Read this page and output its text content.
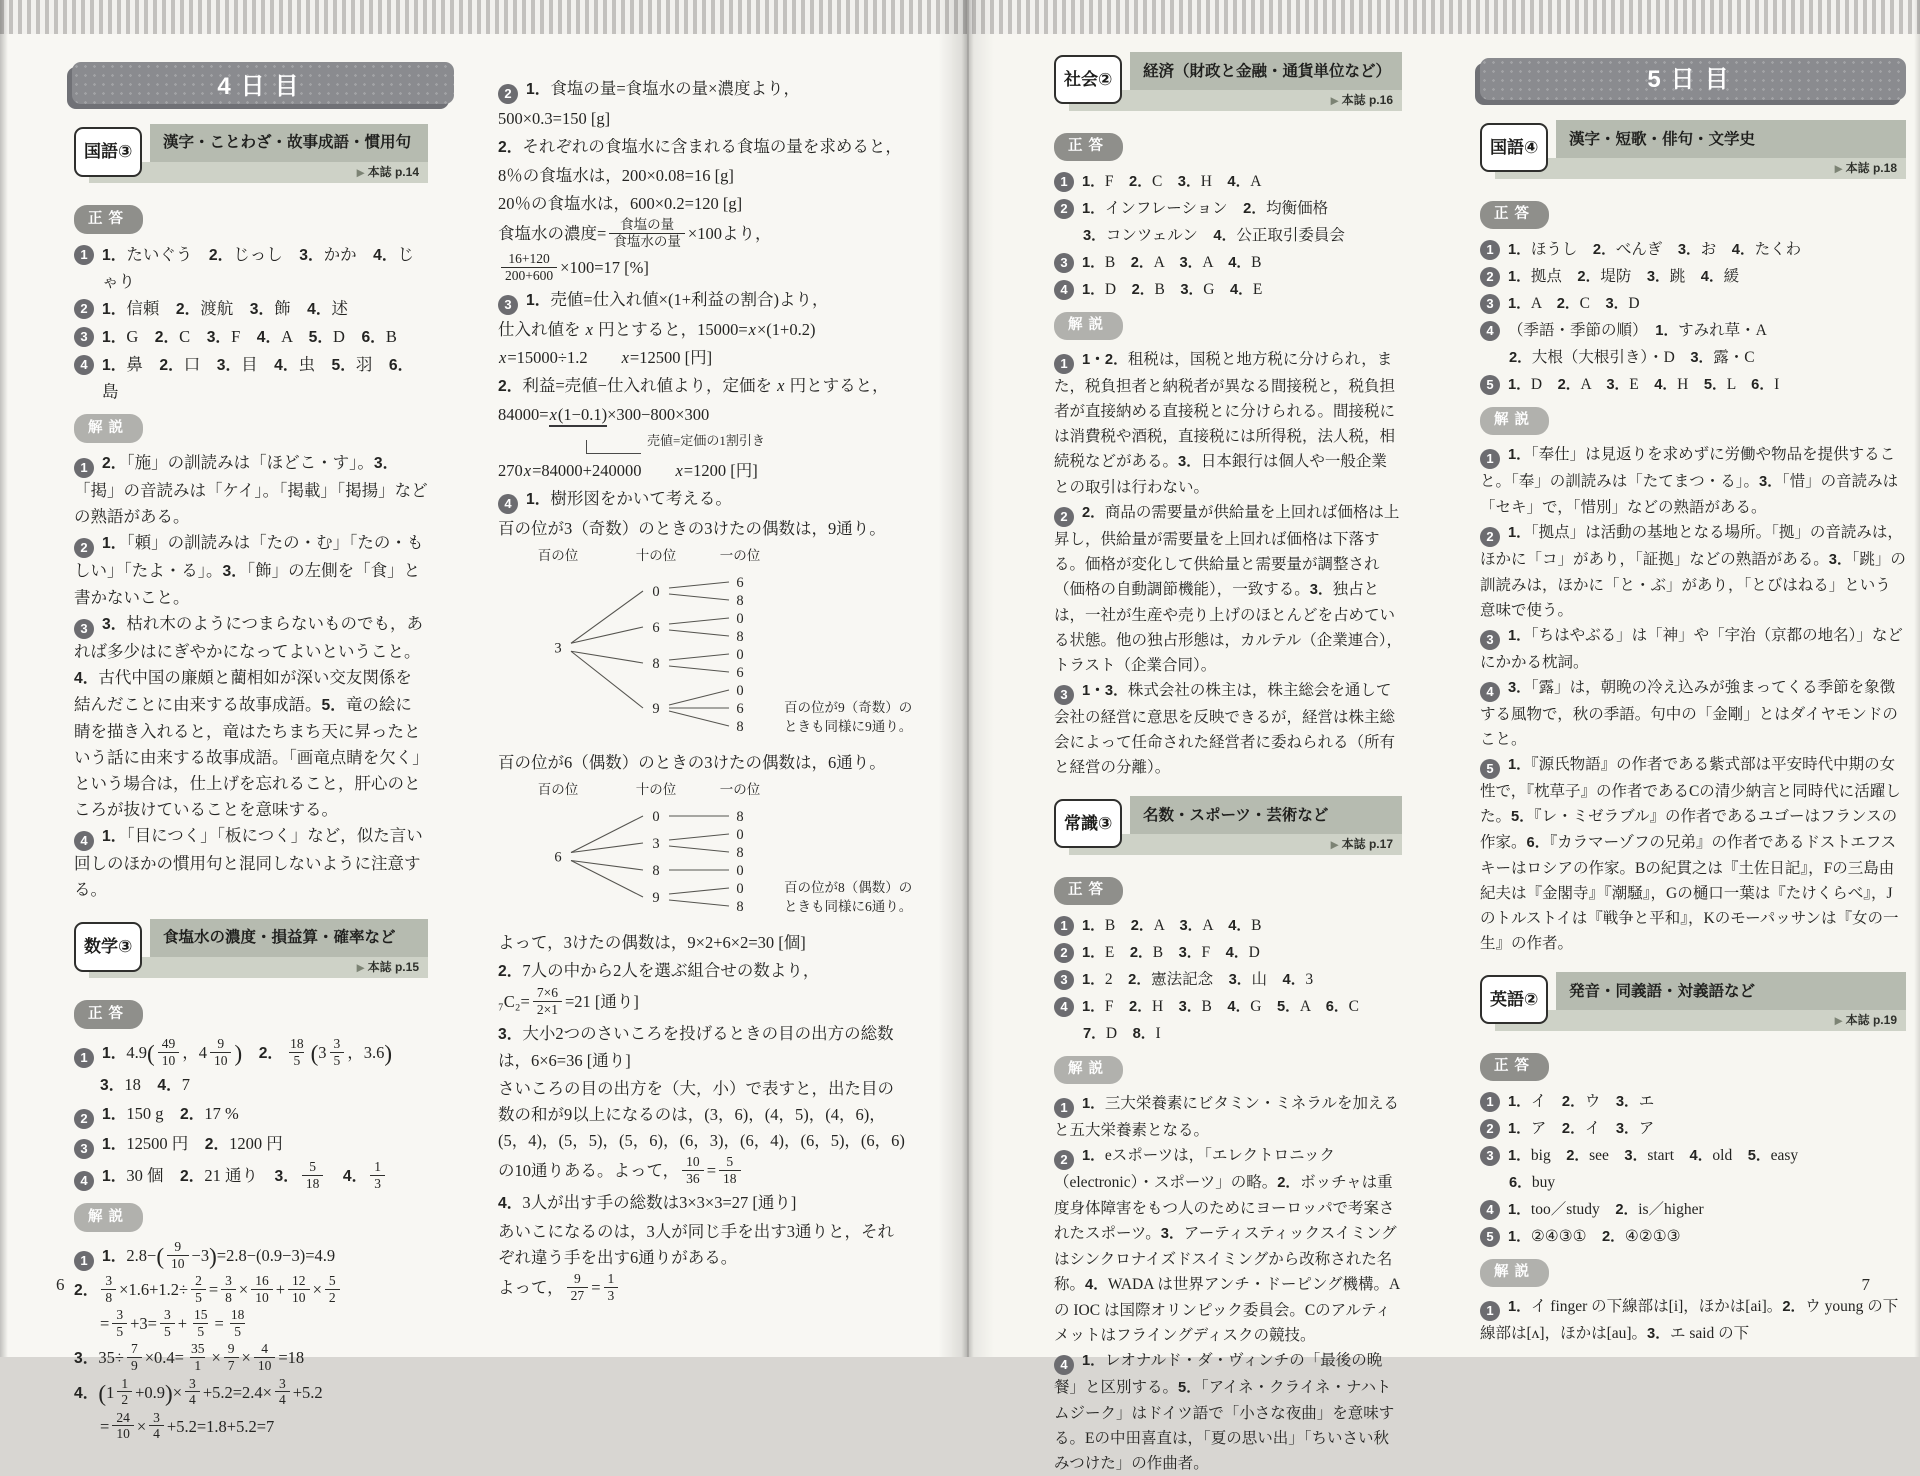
4日目
漢字・ことわざ・故事成語・慣用句
▶ 本誌 p.14
国語③
正答
1 1．たいぐう　2．じっし　3．かか　4．じゃり
2 1．信頼　2．渡航　3．飾　4．述
3 1．G　2．C　3．F　4．A　5．D　6．B
4 1．鼻　2．口　3．目　4．虫　5．羽　6．島
解説
1 2．「施」の訓読みは「ほどこ・す」。3．「掲」の音読みは「ケイ」。「掲載」「掲揚」などの熟語がある。
2 1．「頼」の訓読みは「たの・む」「たの・もしい」「たよ・る」。3．「飾」の左側を「食」と書かないこと。
3 3．枯れ木のようにつまらないものでも，あれば多少はにぎやかになってよいということ。4．古代中国の廉頗と藺相如が深い交友関係を結んだことに由来する故事成語。5．竜の絵に睛を描き入れると，竜はたちまち天に昇ったという話に由来する故事成語。「画竜点睛を欠く」という場合は，仕上げを忘れること，肝心のところが抜けていることを意味する。
4 1．「目につく」「板につく」など，似た言い回しのほかの慣用句と混同しないように注意する。
食塩水の濃度・損益算・確率など
▶ 本誌 p.15
数学③
正答
1 1．$4.9( \frac{49}{10}$ ，$4 \frac{9}{10}$ )　 2． $\frac{18}{5} (3 \frac{3}{5}$ ，3.6)
3．18　4．7
2 1．150 g　2．17 %
3 1．12500 円　2．1200 円
4 1．30 個　2．21 通り　3． $\frac{5}{18}$
　 4． $\frac{1}{3}$
解説
1 1．$2.8-( \frac{9}{10} -3)=2.8-(0.9-3)=4.9$
2． $\frac{3}{8} \times 1.6+1.2\div \frac{2}{5} = \frac{3}{8} \times \frac{16}{10} + \frac{12}{10} \times \frac{5}{2}$
= $\frac{3}{5} +3= \frac{3}{5} + \frac{15}{5} = \frac{18}{5}$
3．$35\div \frac{7}{9} \times 0.4= \frac{35}{1} \times \frac{9}{7} \times \frac{4}{10} =18$
4．$(1 \frac{1}{2} +0.9)\times \frac{3}{4} +5.2=2.4\times \frac{3}{4} +5.2$
= $\frac{24}{10} \times \frac{3}{4} +5.2=1.8+5.2=7$
2 1．食塩の量=食塩水の量×濃度より，
500×0.3=150 [g]
2．それぞれの食塩水に含まれる食塩の量を求めると，
8％の食塩水は，200×0.08=16 [g]
20％の食塩水は，600×0.2=120 [g]
食塩水の濃度= $\frac{\text{食塩の量}}{\text{食塩水の量}} \times 100$より，
$\frac{16+120}{200+600} \times 100=17$ [%]
3 1．売値=仕入れ値×(1+利益の割合)より，
仕入れ値を x 円とすると，15000=x×(1+0.2)
x=15000÷1.2　　x=12500 [円]
2．利益=売値−仕入れ値より，定価を x 円とすると，
84000=x(1−0.1)×300−800×300
売値=定価の1割引き
270x=84000+240000　　x=1200 [円]
4 1．樹形図をかいて考える。
百の位が3（奇数）のときの3けたの偶数は，9通り。
百の位	十の位	一の位
6
8
0
0
8
6
0
6
8
0
6
8
9
3
百の位が9（奇数）の
ときも同様に9通り。
百の位が6（偶数）のときの3けたの偶数は，6通り。
百の位	十の位	一の位
8
0
0
8
3
0
8
0
8
9
6
百の位が8（偶数）の
ときも同様に6通り。
よって，3けたの偶数は，9×2+6×2=30 [個]
2．7人の中から2人を選ぶ組合せの数より，
$_7C_2= \frac{7\times 6}{2\times 1} =21$ [通り]
3．大小2つのさいころを投げるときの目の出方の総数は，6×6=36 [通り]
さいころの目の出方を（大，小）で表すと，出た目の数の和が9以上になるのは，(3，6)，(4，5)，(4，6)，(5，4)，(5，5)，(5，6)，(6，3)，(6，4)，(6，5)，(6，6)
の10通りある。よって， $\frac{10}{36} = \frac{5}{18}$
4．3人が出す手の総数は3×3×3=27 [通り]
あいこになるのは，3人が同じ手を出す3通りと，それぞれ違う手を出す6通りがある。
よって， $\frac{9}{27} = \frac{1}{3}$
経済（財政と金融・通貨単位など）
▶ 本誌 p.16
社会②
正答
1 1．F　2．C　3．H　4．A
2 1．インフレーション　2．均衡価格
3．コンツェルン　4．公正取引委員会
3 1．B　2．A　3．A　4．B
4 1．D　2．B　3．G　4．E
解説
1 1・2．租税は，国税と地方税に分けられ，また，税負担者と納税者が異なる間接税と，税負担者が直接納める直接税とに分けられる。間接税には消費税や酒税，直接税には所得税，法人税，相続税などがある。3．日本銀行は個人や一般企業との取引は行わない。
2 2．商品の需要量が供給量を上回れば価格は上昇し，供給量が需要量を上回れば価格は下落する。価格が変化して供給量と需要量が調整され（価格の自動調節機能），一致する。3．独占とは，一社が生産や売り上げのほとんどを占めている状態。他の独占形態は，カルテル（企業連合），トラスト（企業合同）。
3 1・3．株式会社の株主は，株主総会を通して会社の経営に意思を反映できるが，経営は株主総会によって任命された経営者に委ねられる（所有と経営の分離）。
名数・スポーツ・芸術など
▶ 本誌 p.17
常識③
正答
1 1．B　2．A　3．A　4．B
2 1．E　2．B　3．F　4．D
3 1．2　2．憲法記念　3．山　4．3
4 1．F　2．H　3．B　4．G　5．A　6．C
7．D　8．I
解説
1 1．三大栄養素にビタミン・ミネラルを加えると五大栄養素となる。
2 1．eスポーツは，「エレクトロニック（electronic）・スポーツ」の略。2．ボッチャは重度身体障害をもつ人のためにヨーロッパで考案されたスポーツ。3．アーティスティックスイミングはシンクロナイズドスイミングから改称された名称。4．WADA は世界アンチ・ドーピング機構。Aの IOC は国際オリンピック委員会。Cのアルティメットはフライングディスクの競技。
4 1．レオナルド・ダ・ヴィンチの「最後の晩餐」と区別する。5．「アイネ・クライネ・ナハトムジーク」はドイツ語で「小さな夜曲」を意味する。Eの中田喜直は，「夏の思い出」「ちいさい秋みつけた」の作曲者。
5日目
漢字・短歌・俳句・文学史
▶ 本誌 p.18
国語④
正答
1 1．ほうし　2．べんぎ　3．お　4．たくわ
2 1．拠点　2．堤防　3．跳　4．緩
3 1．A　2．C　3．D
4 （季語・季節の順）　1．すみれ草・A
2．大根（大根引き）・D　3．露・C
5 1．D　2．A　3．E　4．H　5．L　6．I
解説
1 1．「奉仕」は見返りを求めずに労働や物品を提供すること。「奉」の訓読みは「たてまつ・る」。3．「惜」の音読みは「セキ」で，「惜別」などの熟語がある。
2 1．「拠点」は活動の基地となる場所。「拠」の音読みは，ほかに「コ」があり，「証拠」などの熟語がある。3．「跳」の訓読みは，ほかに「と・ぶ」があり，「とびはねる」という意味で使う。
3 1．「ちはやぶる」は「神」や「宇治（京都の地名）」などにかかる枕詞。
4 3．「露」は，朝晩の冷え込みが強まってくる季節を象徴する風物で，秋の季語。句中の「金剛」とはダイヤモンドのこと。
5 1．『源氏物語』の作者である紫式部は平安時代中期の女性で，『枕草子』の作者であるCの清少納言と同時代に活躍した。5．『レ・ミゼラブル』の作者であるユゴーはフランスの作家。6．『カラマーゾフの兄弟』の作者であるドストエフスキーはロシアの作家。Bの紀貫之は『土佐日記』，Fの三島由紀夫は『金閣寺』『潮騒』，Gの樋口一葉は『たけくらべ』，Jのトルストイは『戦争と平和』，Kのモーパッサンは『女の一生』の作者。
発音・同義語・対義語など
▶ 本誌 p.19
英語②
正答
1 1．イ　2．ウ　3．エ
2 1．ア　2．イ　3．ア
3 1．big　2．see　3．start　4．old　5．easy
6．buy
4 1．too／study　2．is／higher
5 1．②④③①　2．④②①③
解説
1 1．イ finger の下線部は[i]，ほかは[ai]。2．ウ young の下線部は[ʌ]，ほかは[au]。3．エ said の下
6	7
